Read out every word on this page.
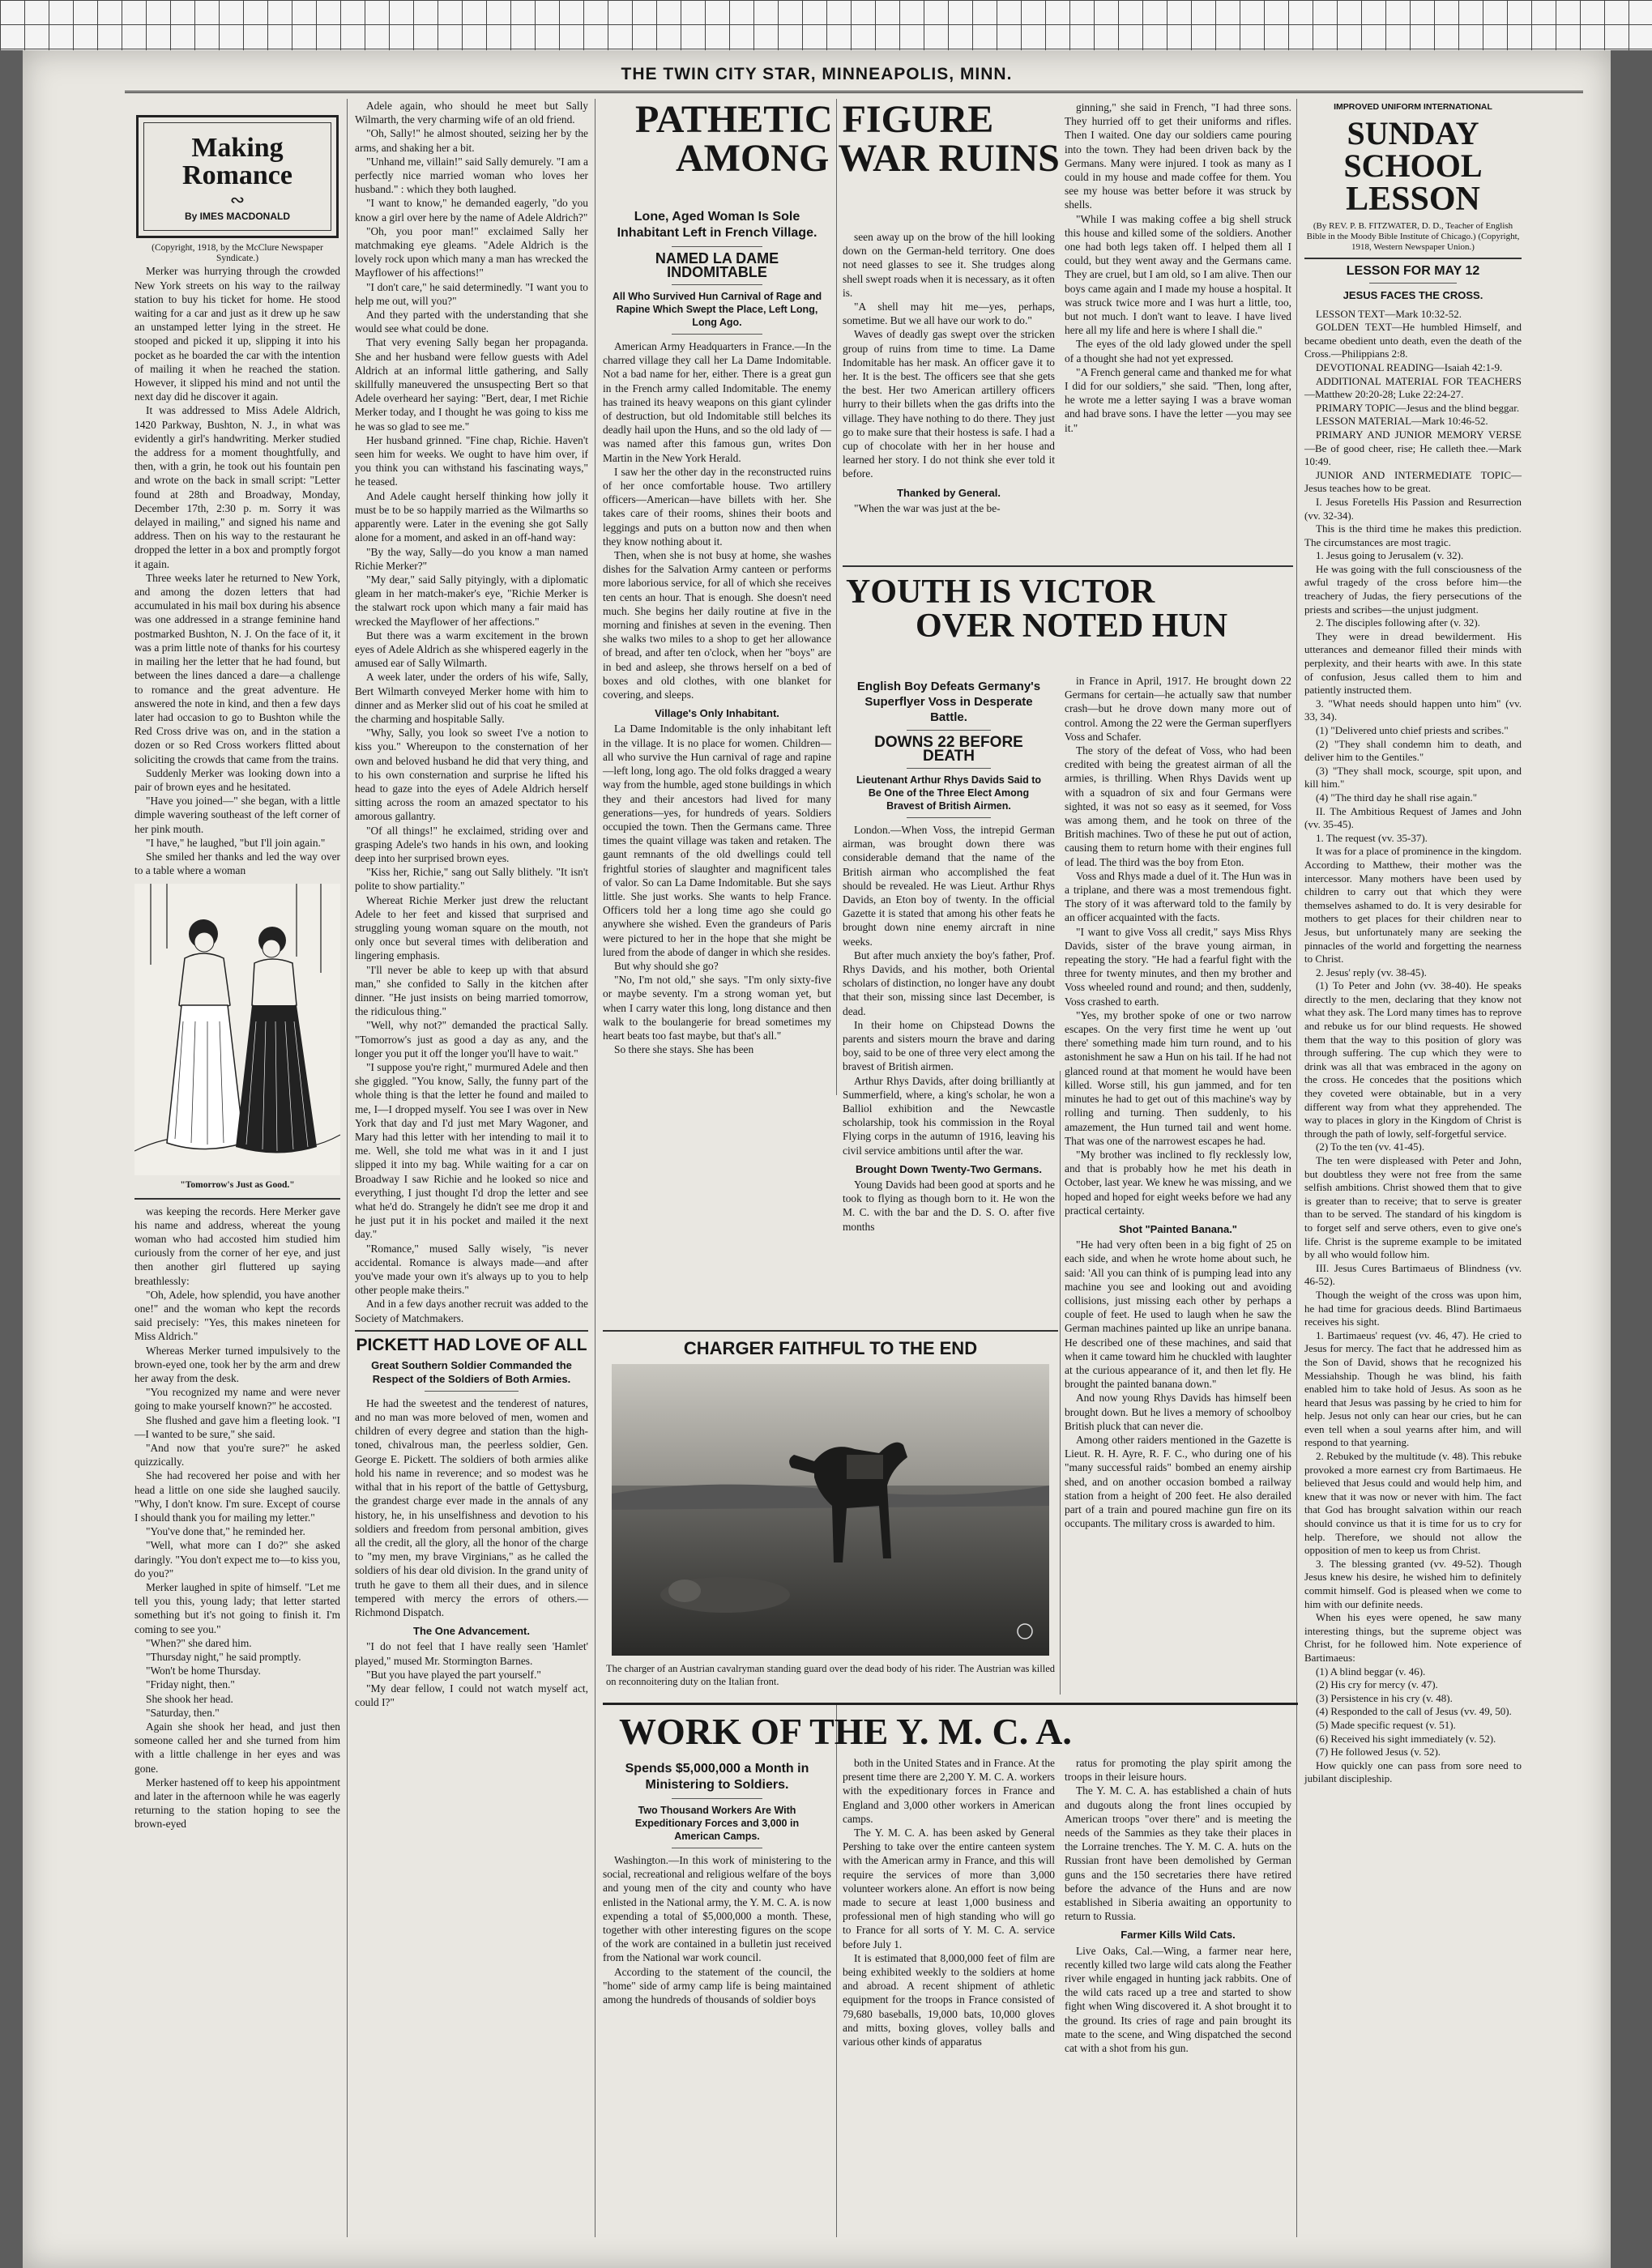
THE TWIN CITY STAR, MINNEAPOLIS, MINN.
Making Romance
∾
By IMES MACDONALD
(Copyright, 1918, by the McClure Newspaper Syndicate.)

Merker was hurrying through the crowded New York streets on his way to the railway station to buy his ticket for home. He stood waiting for a car and just as it drew up he saw an unstamped letter lying in the street. He stooped and picked it up, slipping it into his pocket as he boarded the car with the intention of mailing it when he reached the station. However, it slipped his mind and not until the next day did he discover it again.

It was addressed to Miss Adele Aldrich, 1420 Parkway, Bushton, N. J., in what was evidently a girl's handwriting. Merker studied the address for a moment thoughtfully, and then, with a grin, he took out his fountain pen and wrote on the back in small script: "Letter found at 28th and Broadway, Monday, December 17th, 2:30 p. m. Sorry it was delayed in mailing," and signed his name and address. Then on his way to the restaurant he dropped the letter in a box and promptly forgot it again.

Three weeks later he returned to New York, and among the dozen letters that had accumulated in his mail box during his absence was one addressed in a strange feminine hand postmarked Bushton, N. J. On the face of it, it was a prim little note of thanks for his courtesy in mailing her the letter that he had found, but between the lines danced a dare—a challenge to romance and the great adventure. He answered the note in kind, and then a few days later had occasion to go to Bushton while the Red Cross drive was on, and in the station a dozen or so Red Cross workers flitted about soliciting the crowds that came from the trains.

Suddenly Merker was looking down into a pair of brown eyes and he hesitated.

"Have you joined—" she began, with a little dimple wavering southeast of the left corner of her pink mouth.

"I have," he laughed, "but I'll join again."

She smiled her thanks and led the way over to a table where a woman

"Tomorrow's Just as Good."

was keeping the records. Here Merker gave his name and address, whereat the young woman who had accosted him studied him curiously from the corner of her eye, and just then another girl fluttered up saying breathlessly:

"Oh, Adele, how splendid, you have another one!" and the woman who kept the records said precisely: "Yes, this makes nineteen for Miss Aldrich."

Whereas Merker turned impulsively to the brown-eyed one, took her by the arm and drew her away from the desk.

"You recognized my name and were never going to make yourself known?" he accosted.

She flushed and gave him a fleeting look. "I—I wanted to be sure," she said.

"And now that you're sure?" he asked quizzically.

She had recovered her poise and with her head a little on one side she laughed saucily. "Why, I don't know. I'm sure. Except of course I should thank you for mailing my letter."

"You've done that," he reminded her.

"Well, what more can I do?" she asked daringly. "You don't expect me to—to kiss you, do you?"

Merker laughed in spite of himself. "Let me tell you this, young lady; that letter started something but it's not going to finish it. I'm coming to see you."

"When?" she dared him.

"Thursday night," he said promptly.

"Won't be home Thursday.

"Friday night, then."

She shook her head.

"Saturday, then."

Again she shook her head, and just then someone called her and she turned from him with a little challenge in her eyes and was gone.

Merker hastened off to keep his appointment and later in the afternoon while he was eagerly returning to the station hoping to see the brown-eyed

Adele again, who should he meet but Sally Wilmarth, the very charming wife of an old friend.

"Oh, Sally!" he almost shouted, seizing her by the arms, and shaking her a bit.

"Unhand me, villain!" said Sally demurely. "I am a perfectly nice married woman who loves her husband." : which they both laughed.

"I want to know," he demanded eagerly, "do you know a girl over here by the name of Adele Aldrich?"

"Oh, you poor man!" exclaimed Sally her matchmaking eye gleams. "Adele Aldrich is the lovely rock upon which many a man has wrecked the Mayflower of his affections!"

"I don't care," he said determinedly. "I want you to help me out, will you?"

And they parted with the understanding that she would see what could be done.

That very evening Sally began her propaganda. She and her husband were fellow guests with Adel Aldrich at an informal little gathering, and Sally skillfully maneuvered the unsuspecting Bert so that Adele overheard her saying: "Bert, dear, I met Richie Merker today, and I thought he was going to kiss me he was so glad to see me."

Her husband grinned. "Fine chap, Richie. Haven't seen him for weeks. We ought to have him over, if you think you can withstand his fascinating ways," he teased.

And Adele caught herself thinking how jolly it must be to be so happily married as the Wilmarths so apparently were. Later in the evening she got Sally alone for a moment, and asked in an off-hand way:

"By the way, Sally—do you know a man named Richie Merker?"

"My dear," said Sally pityingly, with a diplomatic gleam in her match-maker's eye, "Richie Merker is the stalwart rock upon which many a fair maid has wrecked the Mayflower of her affections."

But there was a warm excitement in the brown eyes of Adele Aldrich as she whispered eagerly in the amused ear of Sally Wilmarth.

A week later, under the orders of his wife, Sally, Bert Wilmarth conveyed Merker home with him to dinner and as Merker slid out of his coat he smiled at the charming and hospitable Sally.

"Why, Sally, you look so sweet I've a notion to kiss you." Whereupon to the consternation of her own and beloved husband he did that very thing, and to his own consternation and surprise he lifted his head to gaze into the eyes of Adele Aldrich herself sitting across the room an amazed spectator to his amorous gallantry.

"Of all things!" he exclaimed, striding over and grasping Adele's two hands in his own, and looking deep into her surprised brown eyes.

"Kiss her, Richie," sang out Sally blithely. "It isn't polite to show partiality."

Whereat Richie Merker just drew the reluctant Adele to her feet and kissed that surprised and struggling young woman square on the mouth, not only once but several times with deliberation and lingering emphasis.

"I'll never be able to keep up with that absurd man," she confided to Sally in the kitchen after dinner. "He just insists on being married tomorrow, the ridiculous thing."

"Well, why not?" demanded the practical Sally. "Tomorrow's just as good a day as any, and the longer you put it off the longer you'll have to wait."

"I suppose you're right," murmured Adele and then she giggled. "You know, Sally, the funny part of the whole thing is that the letter he found and mailed to me, I—I dropped myself. You see I was over in New York that day and I'd just met Mary Wagoner, and Mary had this letter with her intending to mail it to me. Well, she told me what was in it and I just slipped it into my bag. While waiting for a car on Broadway I saw Richie and he looked so nice and everything, I just thought I'd drop the letter and see what he'd do. Strangely he didn't see me drop it and he just put it in his pocket and mailed it the next day."

"Romance," mused Sally wisely, "is never accidental. Romance is always made—and after you've made your own it's always up to you to help other people make theirs."

And in a few days another recruit was added to the Society of Matchmakers.

PICKETT HAD LOVE OF ALL
Great Southern Soldier Commanded the Respect of the Soldiers of Both Armies.

He had the sweetest and the tenderest of natures, and no man was more beloved of men, women and children of every degree and station than the high-toned, chivalrous man, the peerless soldier, Gen. George E. Pickett. The soldiers of both armies alike hold his name in reverence; and so modest was he withal that in his report of the battle of Gettysburg, the grandest charge ever made in the annals of any history, he, in his unselfishness and devotion to his soldiers and freedom from personal ambition, gives all the credit, all the glory, all the honor of the charge to "my men, my brave Virginians," as he called the soldiers of his dear old division. In the grand unity of truth he gave to them all their dues, and in silence tempered with mercy the errors of others.—Richmond Dispatch.

The One Advancement.

"I do not feel that I have really seen 'Hamlet' played," mused Mr. Stormington Barnes.

"But you have played the part yourself."

"My dear fellow, I could not watch myself act, could I?"

PATHETIC FIGURE
AMONG WAR RUINS
Lone, Aged Woman Is Sole Inhabitant Left in French Village.
NAMED LA DAME INDOMITABLE
All Who Survived Hun Carnival of Rage and Rapine Which Swept the Place, Left Long, Long Ago.

American Army Headquarters in France.—In the charred village they call her La Dame Indomitable. Not a bad name for her, either. There is a great gun in the French army called Indomitable. The enemy has trained its heavy weapons on this giant cylinder of destruction, but old Indomitable still belches its deadly hail upon the Huns, and so the old lady of — was named after this famous gun, writes Don Martin in the New York Herald.

I saw her the other day in the reconstructed ruins of her once comfortable house. Two artillery officers—American—have billets with her. She takes care of their rooms, shines their boots and leggings and puts on a button now and then when they know nothing about it.

Then, when she is not busy at home, she washes dishes for the Salvation Army canteen or performs more laborious service, for all of which she receives ten cents an hour. That is enough. She doesn't need much. She begins her daily routine at five in the morning and finishes at seven in the evening. Then she walks two miles to a shop to get her allowance of bread, and after ten o'clock, when her "boys" are in bed and asleep, she throws herself on a bed of boxes and old clothes, with one blanket for covering, and sleeps.

Village's Only Inhabitant.

La Dame Indomitable is the only inhabitant left in the village. It is no place for women. Children—all who survive the Hun carnival of rage and rapine—left long, long ago. The old folks dragged a weary way from the humble, aged stone buildings in which they and their ancestors had lived for many generations—yes, for hundreds of years. Soldiers occupied the town. Then the Germans came. Three times the quaint village was taken and retaken. The gaunt remnants of the old dwellings could tell frightful stories of slaughter and magnificent tales of valor. So can La Dame Indomitable. But she says little. She just works. She wants to help France. Officers told her a long time ago she could go anywhere she wished. Even the grandeurs of Paris were pictured to her in the hope that she might be lured from the abode of danger in which she resides.

But why should she go?

"No, I'm not old," she says. "I'm only sixty-five or maybe seventy. I'm a strong woman yet, but when I carry water this long, long distance and then walk to the boulangerie for bread sometimes my heart beats too fast maybe, but that's all."

So there she stays. She has been

seen away up on the brow of the hill looking down on the German-held territory. One does not need glasses to see it. She trudges along shell swept roads when it is necessary, as it often is.

"A shell may hit me—yes, perhaps, sometime. But we all have our work to do."

Waves of deadly gas swept over the stricken group of ruins from time to time. La Dame Indomitable has her mask. An officer gave it to her. It is the best. The officers see that she gets the best. Her two American artillery officers hurry to their billets when the gas drifts into the village. They have nothing to do there. They just go to make sure that their hostess is safe. I had a cup of chocolate with her in her house and learned her story. I do not think she ever told it before.

Thanked by General.

"When the war was just at the be-

ginning," she said in French, "I had three sons. They hurried off to get their uniforms and rifles. Then I waited. One day our soldiers came pouring into the town. They had been driven back by the Germans. Many were injured. I took as many as I could in my house and made coffee for them. You see my house was better before it was struck by shells.

"While I was making coffee a big shell struck this house and killed some of the soldiers. Another one had both legs taken off. I helped them all I could, but they went away and the Germans came. They are cruel, but I am old, so I am alive. Then our boys came again and I made my house a hospital. It was struck twice more and I was hurt a little, too, but not much. I don't want to leave. I have lived here all my life and here is where I shall die."

The eyes of the old lady glowed under the spell of a thought she had not yet expressed.

"A French general came and thanked me for what I did for our soldiers," she said. "Then, long after, he wrote me a letter saying I was a brave woman and had brave sons. I have the letter —you may see it."

YOUTH IS VICTOR
OVER NOTED HUN
English Boy Defeats Germany's Superflyer Voss in Desperate Battle.
DOWNS 22 BEFORE DEATH
Lieutenant Arthur Rhys Davids Said to Be One of the Three Elect Among Bravest of British Airmen.

London.—When Voss, the intrepid German airman, was brought down there was considerable demand that the name of the British airman who accomplished the feat should be revealed. He was Lieut. Arthur Rhys Davids, an Eton boy of twenty. In the official Gazette it is stated that among his other feats he brought down nine enemy aircraft in nine weeks.

But after much anxiety the boy's father, Prof. Rhys Davids, and his mother, both Oriental scholars of distinction, no longer have any doubt that their son, missing since last December, is dead.

In their home on Chipstead Downs the parents and sisters mourn the brave and daring boy, said to be one of three very elect among the bravest of British airmen.

Arthur Rhys Davids, after doing brilliantly at Summerfield, where, a king's scholar, he won a Balliol exhibition and the Newcastle scholarship, took his commission in the Royal Flying corps in the autumn of 1916, leaving his civil service ambitions until after the war.

Brought Down Twenty-Two Germans.

Young Davids had been good at sports and he took to flying as though born to it. He won the M. C. with the bar and the D. S. O. after five months

in France in April, 1917. He brought down 22 Germans for certain—he actually saw that number crash—but he drove down many more out of control. Among the 22 were the German superflyers Voss and Schafer.

The story of the defeat of Voss, who had been credited with being the greatest airman of all the armies, is thrilling. When Rhys Davids went up with a squadron of six and four Germans were sighted, it was not so easy as it seemed, for Voss was among them, and he took on three of the British machines. Two of these he put out of action, causing them to return home with their engines full of lead. The third was the boy from Eton.

Voss and Rhys made a duel of it. The Hun was in a triplane, and there was a most tremendous fight. The story of it was afterward told to the family by an officer acquainted with the facts.

"I want to give Voss all credit," says Miss Rhys Davids, sister of the brave young airman, in repeating the story. "He had a fearful fight with the three for twenty minutes, and then my brother and Voss wheeled round and round; and then, suddenly, Voss crashed to earth.

"Yes, my brother spoke of one or two narrow escapes. On the very first time he went up 'out there' something made him turn round, and to his astonishment he saw a Hun on his tail. If he had not glanced round at that moment he would have been killed. Worse still, his gun jammed, and for ten minutes he had to get out of this machine's way by rolling and turning. Then suddenly, to his amazement, the Hun turned tail and went home. That was one of the narrowest escapes he had.

"My brother was inclined to fly recklessly low, and that is probably how he met his death in October, last year. We knew he was missing, and we hoped and hoped for eight weeks before we had any practical certainty.

Shot "Painted Banana."

"He had very often been in a big fight of 25 on each side, and when he wrote home about such, he said: 'All you can think of is pumping lead into any machine you see and looking out and avoiding collisions, just missing each other by perhaps a couple of feet. He used to laugh when he saw the German machines painted up like an unripe banana. He described one of these machines, and said that when it came toward him he chuckled with laughter at the curious appearance of it, and then let fly. He brought the painted banana down."

And now young Rhys Davids has himself been brought down. But he lives a memory of schoolboy British pluck that can never die.

Among other raiders mentioned in the Gazette is Lieut. R. H. Ayre, R. F. C., who during one of his "many successful raids" bombed an enemy airship shed, and on another occasion bombed a railway station from a height of 200 feet. He also derailed part of a train and poured machine gun fire on its occupants. The military cross is awarded to him.

CHARGER FAITHFUL TO THE END
The charger of an Austrian cavalryman standing guard over the dead body of his rider. The Austrian was killed on reconnoitering duty on the Italian front.
WORK OF THE Y. M. C. A.
Spends $5,000,000 a Month in Ministering to Soldiers.
Two Thousand Workers Are With Expeditionary Forces and 3,000 in American Camps.

Washington.—In this work of ministering to the social, recreational and religious welfare of the boys and young men of the city and county who have enlisted in the National army, the Y. M. C. A. is now expending a total of $5,000,000 a month. These, together with other interesting figures on the scope of the work are contained in a bulletin just received from the National war work council.

According to the statement of the council, the "home" side of army camp life is being maintained among the hundreds of thousands of soldier boys

both in the United States and in France. At the present time there are 2,200 Y. M. C. A. workers with the expeditionary forces in France and England and 3,000 other workers in American camps.

The Y. M. C. A. has been asked by General Pershing to take over the entire canteen system with the American army in France, and this will require the services of more than 3,000 volunteer workers alone. An effort is now being made to secure at least 1,000 business and professional men of high standing who will go to France for all sorts of Y. M. C. A. service before July 1.

It is estimated that 8,000,000 feet of film are being exhibited weekly to the soldiers at home and abroad. A recent shipment of athletic equipment for the troops in France consisted of 79,680 baseballs, 19,000 bats, 10,000 gloves and mitts, boxing gloves, volley balls and various other kinds of apparatus

ratus for promoting the play spirit among the troops in their leisure hours.

The Y. M. C. A. has established a chain of huts and dugouts along the front lines occupied by American troops "over there" and is meeting the needs of the Sammies as they take their places in the Lorraine trenches. The Y. M. C. A. huts on the Russian front have been demolished by German guns and the 150 secretaries there have retired before the advance of the Huns and are now established in Siberia awaiting an opportunity to return to Russia.

Farmer Kills Wild Cats.

Live Oaks, Cal.—Wing, a farmer near here, recently killed two large wild cats along the Feather river while engaged in hunting jack rabbits. One of the wild cats raced up a tree and started to show fight when Wing discovered it. A shot brought it to the ground. Its cries of rage and pain brought its mate to the scene, and Wing dispatched the second cat with a shot from his gun.

IMPROVED UNIFORM INTERNATIONAL
SUNDAY SCHOOL
LESSON
(By REV. P. B. FITZWATER, D. D., Teacher of English Bible in the Moody Bible Institute of Chicago.) (Copyright, 1918, Western Newspaper Union.)
LESSON FOR MAY 12
JESUS FACES THE CROSS.

LESSON TEXT—Mark 10:32-52.

GOLDEN TEXT—He humbled Himself, and became obedient unto death, even the death of the Cross.—Philippians 2:8.

DEVOTIONAL READING—Isaiah 42:1-9.

ADDITIONAL MATERIAL FOR TEACHERS—Matthew 20:20-28; Luke 22:24-27.

PRIMARY TOPIC—Jesus and the blind beggar.

LESSON MATERIAL—Mark 10:46-52.

PRIMARY AND JUNIOR MEMORY VERSE—Be of good cheer, rise; He calleth thee.—Mark 10:49.

JUNIOR AND INTERMEDIATE TOPIC—Jesus teaches how to be great.

I. Jesus Foretells His Passion and Resurrection (vv. 32-34).

This is the third time he makes this prediction. The circumstances are most tragic.

1. Jesus going to Jerusalem (v. 32).

He was going with the full consciousness of the awful tragedy of the cross before him—the treachery of Judas, the fiery persecutions of the priests and scribes—the unjust judgment.

2. The disciples following after (v. 32).

They were in dread bewilderment. His utterances and demeanor filled their minds with perplexity, and their hearts with awe. In this state of confusion, Jesus called them to him and patiently instructed them.

3. "What needs should happen unto him" (vv. 33, 34).

(1) "Delivered unto chief priests and scribes."

(2) "They shall condemn him to death, and deliver him to the Gentiles."

(3) "They shall mock, scourge, spit upon, and kill him."

(4) "The third day he shall rise again."

II. The Ambitious Request of James and John (vv. 35-45).

1. The request (vv. 35-37).

It was for a place of prominence in the kingdom. According to Matthew, their mother was the intercessor. Many mothers have been used by children to carry out that which they were themselves ashamed to do. It is very desirable for mothers to get places for their children near to Jesus, but unfortunately many are seeking the pinnacles of the world and forgetting the nearness to Christ.

2. Jesus' reply (vv. 38-45).

(1) To Peter and John (vv. 38-40). He speaks directly to the men, declaring that they know not what they ask. The Lord many times has to reprove and rebuke us for our blind requests. He showed them that the way to this position of glory was through suffering. The cup which they were to drink was all that was embraced in the agony on the cross. He concedes that the positions which they coveted were obtainable, but in a very different way from what they apprehended. The way to places in glory in the Kingdom of Christ is through the path of lowly, self-forgetful service.

(2) To the ten (vv. 41-45).

The ten were displeased with Peter and John, but doubtless they were not free from the same selfish ambitions. Christ showed them that to give is greater than to receive; that to serve is greater than to be served. The standard of his kingdom is to forget self and serve others, even to give one's life. Christ is the supreme example to be imitated by all who would follow him.

III. Jesus Cures Bartimaeus of Blindness (vv. 46-52).

Though the weight of the cross was upon him, he had time for gracious deeds. Blind Bartimaeus receives his sight.

1. Bartimaeus' request (vv. 46, 47). He cried to Jesus for mercy. The fact that he addressed him as the Son of David, shows that he recognized his Messiahship. Though he was blind, his faith enabled him to take hold of Jesus. As soon as he heard that Jesus was passing by he cried to him for help. Jesus not only can hear our cries, but he can even tell when a soul yearns after him, and will respond to that yearning.

2. Rebuked by the multitude (v. 48). This rebuke provoked a more earnest cry from Bartimaeus. He believed that Jesus could and would help him, and knew that it was now or never with him. The fact that God has brought salvation within our reach should convince us that it is time for us to cry for help. Therefore, we should not allow the opposition of men to keep us from Christ.

3. The blessing granted (vv. 49-52). Though Jesus knew his desire, he wished him to definitely commit himself. God is pleased when we come to him with our definite needs.

When his eyes were opened, he saw many interesting things, but the supreme object was Christ, for he followed him. Note experience of Bartimaeus:

(1) A blind beggar (v. 46).

(2) His cry for mercy (v. 47).

(3) Persistence in his cry (v. 48).

(4) Responded to the call of Jesus (vv. 49, 50).

(5) Made specific request (v. 51).

(6) Received his sight immediately (v. 52).

(7) He followed Jesus (v. 52).

How quickly one can pass from sore need to jubilant discipleship.
